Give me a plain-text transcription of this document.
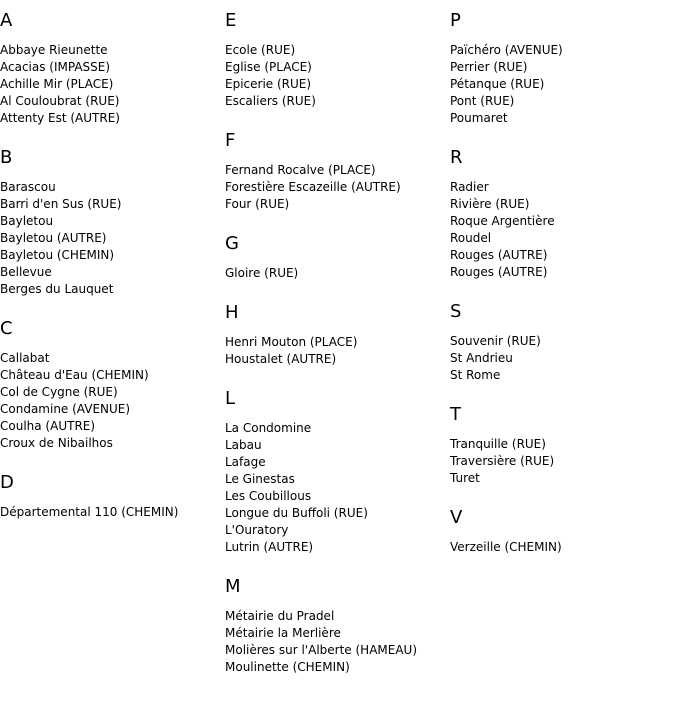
A
Abbaye Rieunette
Acacias (IMPASSE)
Achille Mir (PLACE)
Al Couloubrat (RUE)
Attenty Est (AUTRE)
B
Barascou
Barri d'en Sus (RUE)
Bayletou
Bayletou (AUTRE)
Bayletou (CHEMIN)
Bellevue
Berges du Lauquet
C
Callabat
Château d'Eau (CHEMIN)
Col de Cygne (RUE)
Condamine (AVENUE)
Coulha (AUTRE)
Croux de Nibailhos
D
Départemental 110 (CHEMIN)
E
Ecole (RUE)
Eglise (PLACE)
Epicerie (RUE)
Escaliers (RUE)
F
Fernand Rocalve (PLACE)
Forestière Escazeille (AUTRE)
Four (RUE)
G
Gloire (RUE)
H
Henri Mouton (PLACE)
Houstalet (AUTRE)
L
La Condomine
Labau
Lafage
Le Ginestas
Les Coubillous
Longue du Buffoli (RUE)
L'Ouratory
Lutrin (AUTRE)
M
Métairie du Pradel
Métairie la Merlière
Molières sur l'Alberte (HAMEAU)
Moulinette (CHEMIN)
P
Païchéro (AVENUE)
Perrier (RUE)
Pétanque (RUE)
Pont (RUE)
Poumaret
R
Radier
Rivière (RUE)
Roque Argentière
Roudel
Rouges (AUTRE)
Rouges (AUTRE)
S
Souvenir (RUE)
St Andrieu
St Rome
T
Tranquille (RUE)
Traversière (RUE)
Turet
V
Verzeille (CHEMIN)
